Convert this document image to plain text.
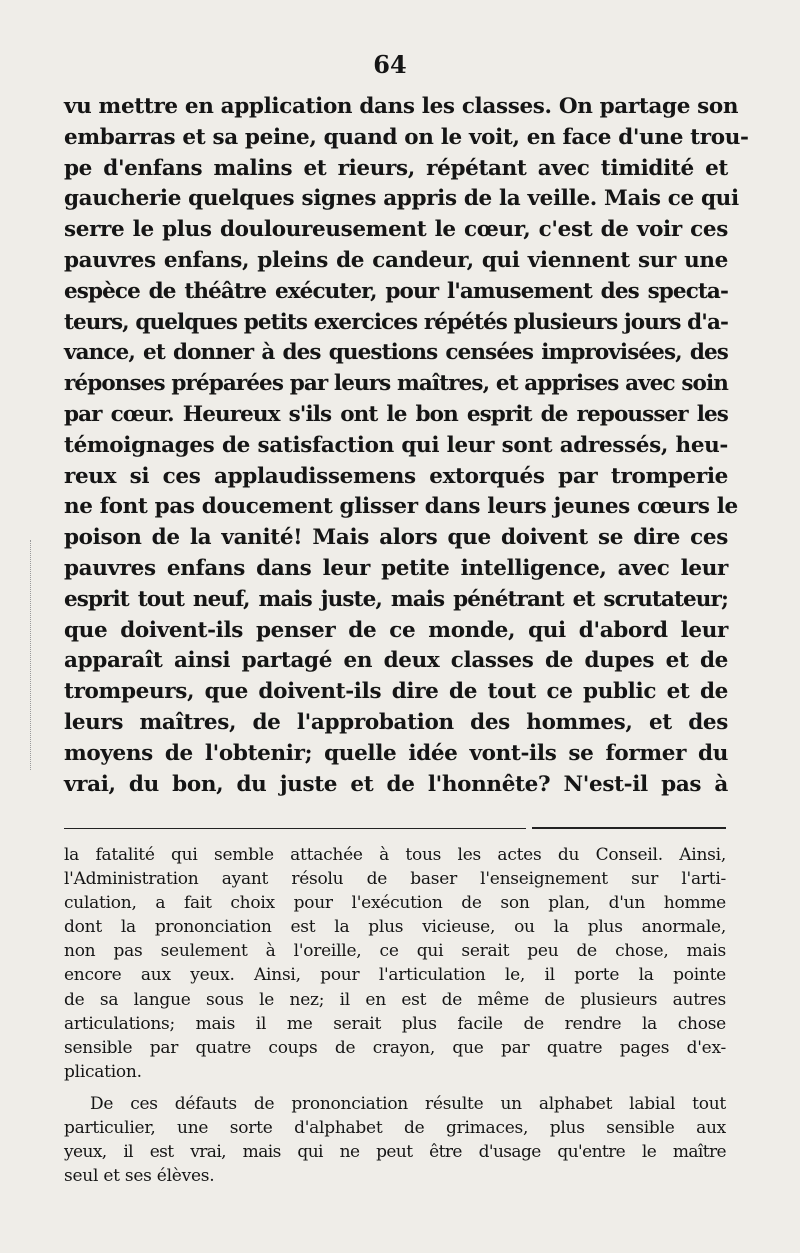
64
vu mettre en application dans les classes. On partage son
embarras et sa peine, quand on le voit, en face d'une trou-
pe d'enfans malins et rieurs, répétant avec timidité et
gaucherie quelques signes appris de la veille. Mais ce qui
serre le plus douloureusement le cœur, c'est de voir ces
pauvres enfans, pleins de candeur, qui viennent sur une
espèce de théâtre exécuter, pour l'amusement des specta-
teurs, quelques petits exercices répétés plusieurs jours d'a-
vance, et donner à des questions censées improvisées, des
réponses préparées par leurs maîtres, et apprises avec soin
par cœur. Heureux s'ils ont le bon esprit de repousser les
témoignages de satisfaction qui leur sont adressés, heu-
reux si ces applaudissemens extorqués par tromperie
ne font pas doucement glisser dans leurs jeunes cœurs le
poison de la vanité! Mais alors que doivent se dire ces
pauvres enfans dans leur petite intelligence, avec leur
esprit tout neuf, mais juste, mais pénétrant et scrutateur;
que doivent-ils penser de ce monde, qui d'abord leur
apparaît ainsi partagé en deux classes de dupes et de
trompeurs, que doivent-ils dire de tout ce public et de
leurs maîtres, de l'approbation des hommes, et des
moyens de l'obtenir; quelle idée vont-ils se former du
vrai, du bon, du juste et de l'honnête? N'est-il pas à
la fatalité qui semble attachée à tous les actes du Conseil. Ainsi,
l'Administration ayant résolu de baser l'enseignement sur l'arti-
culation, a fait choix pour l'exécution de son plan, d'un homme
dont la prononciation est la plus vicieuse, ou la plus anormale,
non pas seulement à l'oreille, ce qui serait peu de chose, mais
encore aux yeux. Ainsi, pour l'articulation le, il porte la pointe
de sa langue sous le nez; il en est de même de plusieurs autres
articulations; mais il me serait plus facile de rendre la chose
sensible par quatre coups de crayon, que par quatre pages d'ex-
plication.
De ces défauts de prononciation résulte un alphabet labial tout
particulier, une sorte d'alphabet de grimaces, plus sensible aux
yeux, il est vrai, mais qui ne peut être d'usage qu'entre le maître
seul et ses élèves.
